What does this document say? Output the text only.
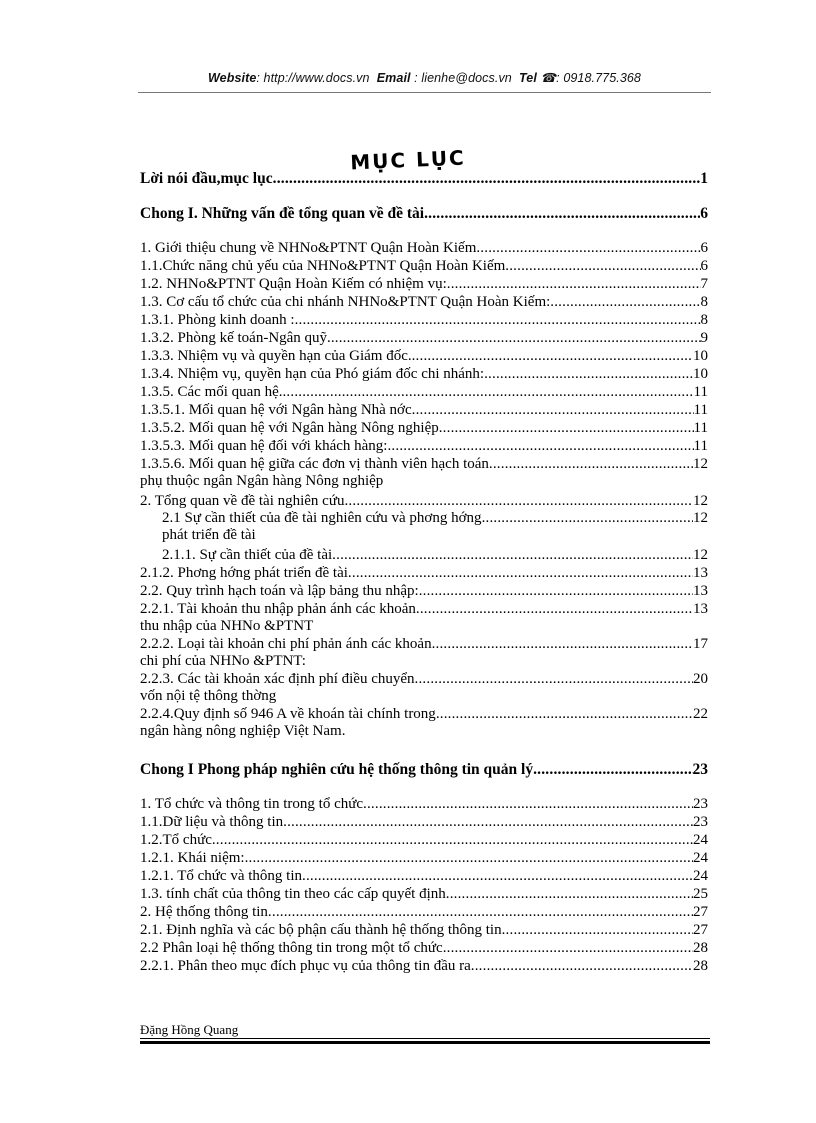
Website: http://www.docs.vn Email : lienhe@docs.vn Tel ☎: 0918.775.368
MỤC LỤC
Lời nói đầu,mục lục .....	1
Chong I. Những vấn đề tổng quan về đề tài .....	6
1. Giới thiệu chung về NHNo&PTNT Quận Hoàn Kiếm .....	6
1.1.Chức năng chủ yếu của NHNo&PTNT Quận Hoàn Kiếm .....	6
1.2. NHNo&PTNT Quận Hoàn Kiếm có nhiệm vụ: .....	7
1.3. Cơ cấu tổ chức của chi nhánh NHNo&PTNT Quận Hoàn Kiếm: .....	8
1.3.1. Phòng kinh doanh : .....	8
1.3.2. Phòng kế toán-Ngân quỹ. .....	9
1.3.3. Nhiệm vụ và quyền hạn của Giám đốc. .....	10
1.3.4. Nhiệm vụ, quyền hạn của Phó giám đốc chi nhánh: .....	10
1.3.5. Các mối quan hệ. .....	11
1.3.5.1. Mối quan hệ với Ngân hàng Nhà nớc .....	11
1.3.5.2. Mối quan hệ với Ngân hàng Nông nghiệp .....	11
1.3.5.3. Mối quan hệ đối với khách hàng: .....	11
1.3.5.6. Mối quan hệ giữa các đơn vị thành viên hạch toán .....	12
phụ thuộc ngân Ngân hàng Nông nghiệp
2. Tổng quan về đề tài nghiên cứu .....	12
2.1 Sự cần thiết của đề tài nghiên cứu và phơng hớng .....	12
phát triển đề tài
2.1.1. Sự cần thiết của đề tài .....	12
2.1.2. Phơng hớng phát triển đề tài .....	13
2.2. Quy trình hạch toán và lập bảng thu nhập: .....	13
2.2.1. Tài khoản thu nhập phản ánh các khoản .....	13
thu nhập của NHNo &PTNT
2.2.2. Loại tài khoản chi phí phản ánh các khoản .....	17
chi phí của NHNo &PTNT:
2.2.3. Các tài khoản xác định phí điều chuyển .....	20
vốn nội tệ thông thờng
2.2.4.Quy định số 946 A về khoán tài chính trong .....	22
ngân hàng nông nghiệp Việt Nam.
Chong I Phong pháp nghiên cứu hệ thống thông tin quản lý .....	23
1. Tổ chức và thông tin trong tổ chức .....	23
1.1.Dữ liệu và thông tin .....	23
1.2.Tổ chức .....	24
1.2.1. Khái niệm: .....	24
1.2.1. Tổ chức và thông tin .....	24
1.3. tính chất của thông tin theo các cấp quyết định .....	25
2. Hệ thống thông tin .....	27
2.1. Định nghĩa và các bộ phận cấu thành hệ thống thông tin .....	27
2.2 Phân loại hệ thống thông tin trong một tổ chức .....	28
2.2.1. Phân theo mục đích phục vụ của thông tin đầu ra .....	28
Đặng Hồng Quang
